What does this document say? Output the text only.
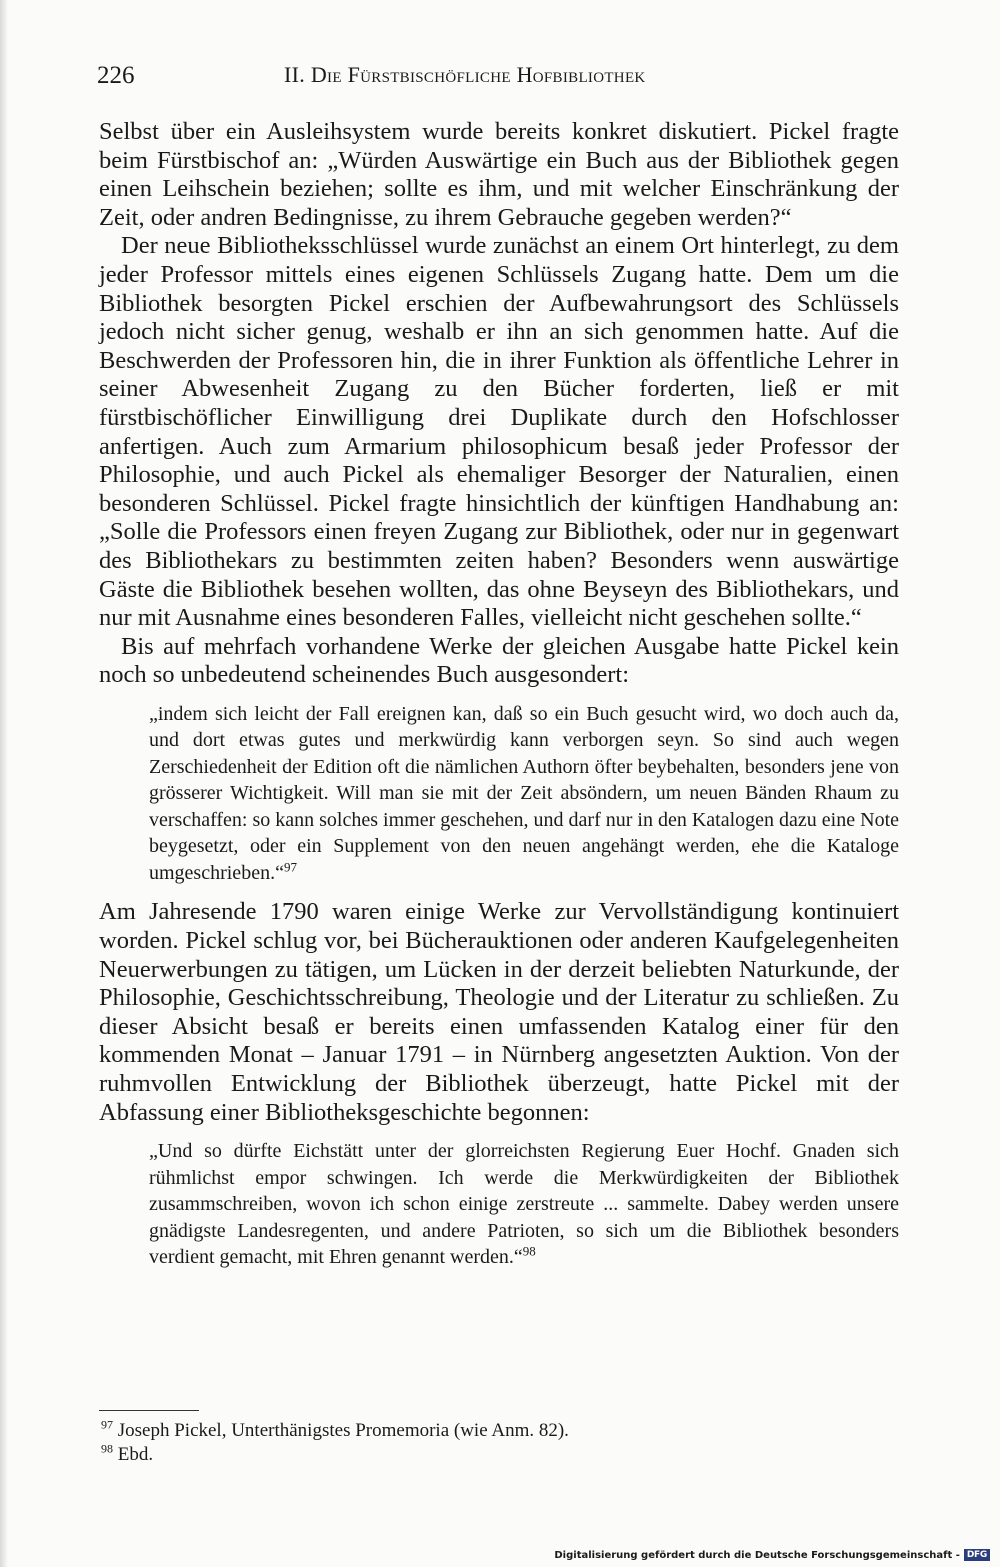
226	II. Die Fürstbischöfliche Hofbibliothek

Selbst über ein Ausleihsystem wurde bereits konkret diskutiert. Pickel fragte beim Fürstbischof an: „Würden Auswärtige ein Buch aus der Bibliothek gegen einen Leihschein beziehen; sollte es ihm, und mit welcher Einschränkung der Zeit, oder andren Bedingnisse, zu ihrem Gebrauche gegeben werden?“

Der neue Bibliotheksschlüssel wurde zunächst an einem Ort hinterlegt, zu dem jeder Professor mittels eines eigenen Schlüssels Zugang hatte. Dem um die Bibliothek besorgten Pickel erschien der Aufbewahrungsort des Schlüssels jedoch nicht sicher genug, weshalb er ihn an sich genommen hatte. Auf die Beschwerden der Professoren hin, die in ihrer Funktion als öffentliche Lehrer in seiner Abwesenheit Zugang zu den Bücher forderten, ließ er mit fürstbischöflicher Einwilligung drei Duplikate durch den Hofschlosser anfertigen. Auch zum Armarium philosophicum besaß jeder Professor der Philosophie, und auch Pickel als ehemaliger Besorger der Naturalien, einen besonderen Schlüssel. Pickel fragte hinsichtlich der künftigen Handhabung an: „Solle die Professors einen freyen Zugang zur Bibliothek, oder nur in gegenwart des Bibliothekars zu bestimmten zeiten haben? Besonders wenn auswärtige Gäste die Bibliothek besehen wollten, das ohne Beyseyn des Bibliothekars, und nur mit Ausnahme eines besonderen Falles, vielleicht nicht geschehen sollte.“

Bis auf mehrfach vorhandene Werke der gleichen Ausgabe hatte Pickel kein noch so unbedeutend scheinendes Buch ausgesondert:

„indem sich leicht der Fall ereignen kan, daß so ein Buch gesucht wird, wo doch auch da, und dort etwas gutes und merkwürdig kann verborgen seyn. So sind auch wegen Zerschiedenheit der Edition oft die nämlichen Authorn öfter beybehalten, besonders jene von grösserer Wichtigkeit. Will man sie mit der Zeit absöndern, um neuen Bänden Rhaum zu verschaffen: so kann solches immer geschehen, und darf nur in den Katalogen dazu eine Note beygesetzt, oder ein Supplement von den neuen angehängt werden, ehe die Kataloge umgeschrieben.“$^{97}$

Am Jahresende 1790 waren einige Werke zur Vervollständigung kontinuiert worden. Pickel schlug vor, bei Bücherauktionen oder anderen Kaufgelegenheiten Neuerwerbungen zu tätigen, um Lücken in der derzeit beliebten Naturkunde, der Philosophie, Geschichtsschreibung, Theologie und der Literatur zu schließen. Zu dieser Absicht besaß er bereits einen umfassenden Katalog einer für den kommenden Monat – Januar 1791 – in Nürnberg angesetzten Auktion. Von der ruhmvollen Entwicklung der Bibliothek überzeugt, hatte Pickel mit der Abfassung einer Bibliotheksgeschichte begonnen:

„Und so dürfte Eichstätt unter der glorreichsten Regierung Euer Hochf. Gnaden sich rühmlichst empor schwingen. Ich werde die Merkwürdigkeiten der Bibliothek zusammschreiben, wovon ich schon einige zerstreute ... sammelte. Dabey werden unsere gnädigste Landesregenten, und andere Patrioten, so sich um die Bibliothek besonders verdient gemacht, mit Ehren genannt werden.“$^{98}$
$^{97}$ Joseph Pickel, Unterthänigstes Promemoria (wie Anm. 82).
$^{98}$ Ebd.
Digitalisierung gefördert durch die Deutsche Forschungsgemeinschaft - DFG
